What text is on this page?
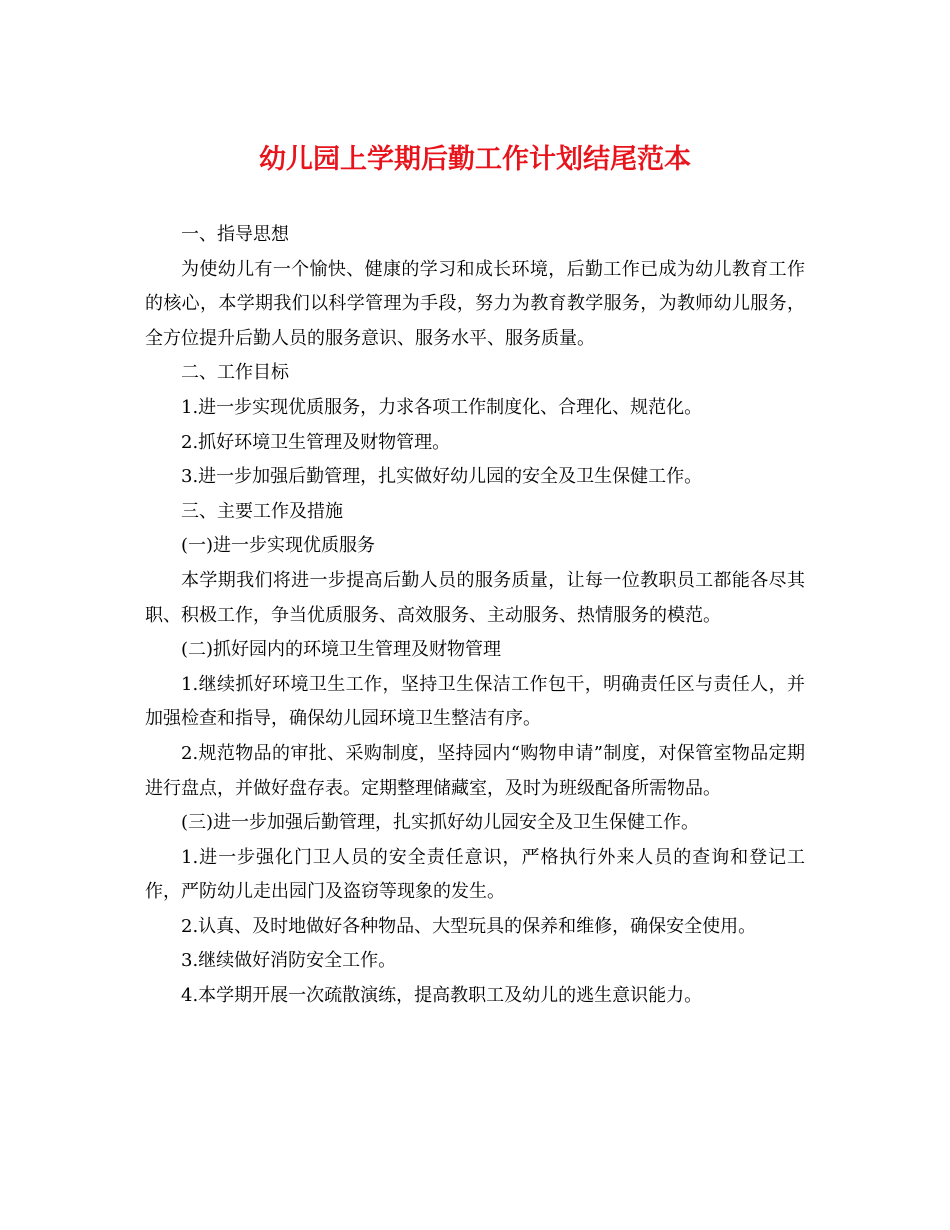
幼儿园上学期后勤工作计划结尾范本

一、指导思想

为使幼儿有一个愉快、健康的学习和成长环境，后勤工作已成为幼儿教育工作的核心，本学期我们以科学管理为手段，努力为教育教学服务，为教师幼儿服务，全方位提升后勤人员的服务意识、服务水平、服务质量。

二、工作目标

1.进一步实现优质服务，力求各项工作制度化、合理化、规范化。

2.抓好环境卫生管理及财物管理。

3.进一步加强后勤管理，扎实做好幼儿园的安全及卫生保健工作。

三、主要工作及措施

(一)进一步实现优质服务

本学期我们将进一步提高后勤人员的服务质量，让每一位教职员工都能各尽其职、积极工作，争当优质服务、高效服务、主动服务、热情服务的模范。

(二)抓好园内的环境卫生管理及财物管理

1.继续抓好环境卫生工作，坚持卫生保洁工作包干，明确责任区与责任人，并加强检查和指导，确保幼儿园环境卫生整洁有序。

2.规范物品的审批、采购制度，坚持园内“购物申请”制度，对保管室物品定期进行盘点，并做好盘存表。定期整理储藏室，及时为班级配备所需物品。

(三)进一步加强后勤管理，扎实抓好幼儿园安全及卫生保健工作。

1.进一步强化门卫人员的安全责任意识，严格执行外来人员的查询和登记工作，严防幼儿走出园门及盗窃等现象的发生。

2.认真、及时地做好各种物品、大型玩具的保养和维修，确保安全使用。

3.继续做好消防安全工作。

4.本学期开展一次疏散演练，提高教职工及幼儿的逃生意识能力。
